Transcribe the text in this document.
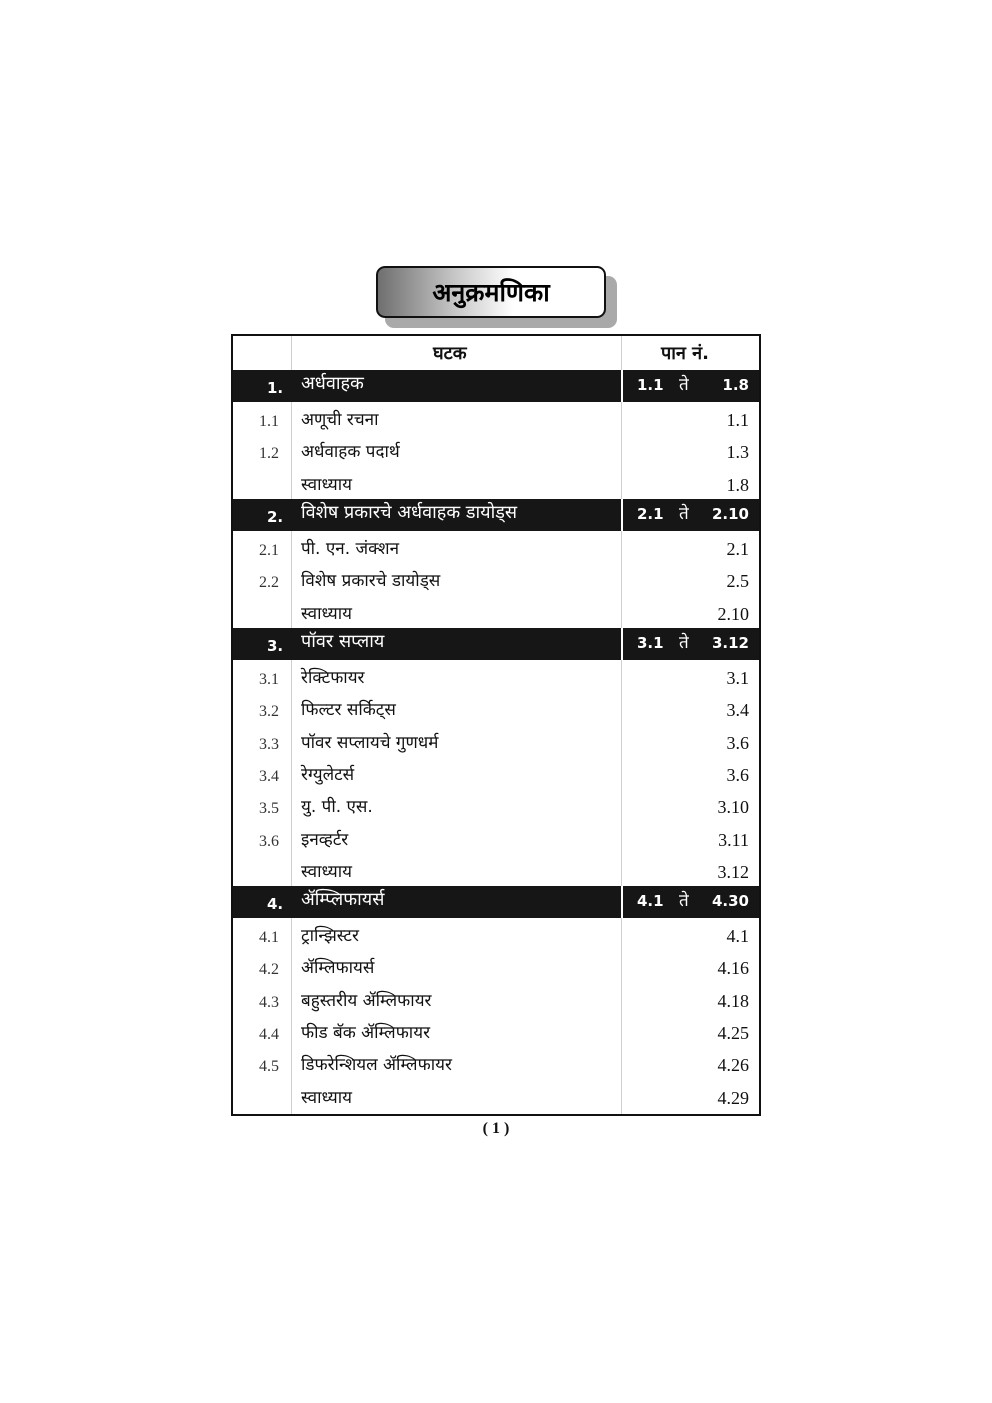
अनुक्रमणिका
घटक	पान नं.
1. अर्धवाहक	1.1 ते 1.8
1.1	अणूची रचना	1.1
1.2	अर्धवाहक पदार्थ	1.3
स्वाध्याय	1.8
2. विशेष प्रकारचे अर्धवाहक डायोड्स	2.1 ते 2.10
2.1	पी. एन. जंक्शन	2.1
2.2	विशेष प्रकारचे डायोड्स	2.5
स्वाध्याय	2.10
3. पॉवर सप्लाय	3.1 ते 3.12
3.1	रेक्टिफायर	3.1
3.2	फिल्टर सर्किट्स	3.4
3.3	पॉवर सप्लायचे गुणधर्म	3.6
3.4	रेग्युलेटर्स	3.6
3.5	यु. पी. एस.	3.10
3.6	इनव्हर्टर	3.11
स्वाध्याय	3.12
4. ॲम्प्लिफायर्स	4.1 ते 4.30
4.1	ट्रान्झिस्टर	4.1
4.2	ॲम्लिफायर्स	4.16
4.3	बहुस्तरीय ॲम्लिफायर	4.18
4.4	फीड बॅक ॲम्लिफायर	4.25
4.5	डिफरेन्शियल ॲम्लिफायर	4.26
स्वाध्याय	4.29
( 1 )
